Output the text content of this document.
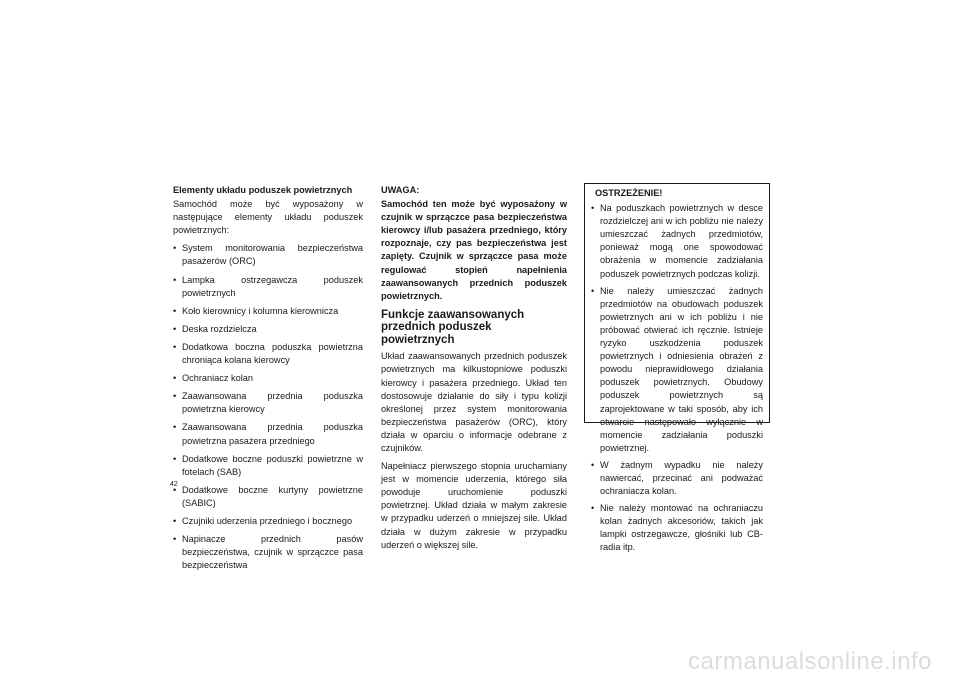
Elementy układu poduszek powietrznych

Samochód może być wyposażony w następujące elementy układu poduszek powietrznych:

• System monitorowania bezpieczeństwa pasażerów (ORC)
• Lampka ostrzegawcza poduszek powietrznych
• Koło kierownicy i kolumna kierownicza
• Deska rozdzielcza
• Dodatkowa boczna poduszka powietrzna chroniąca kolana kierowcy
• Ochraniacz kolan
• Zaawansowana przednia poduszka powietrzna kierowcy
• Zaawansowana przednia poduszka powietrzna pasażera przedniego
• Dodatkowe boczne poduszki powietrzne w fotelach (SAB)
• Dodatkowe boczne kurtyny powietrzne (SABIC)
• Czujniki uderzenia przedniego i bocznego
• Napinacze przednich pasów bezpieczeństwa, czujnik w sprzączce pasa bezpieczeństwa
UWAGA:

Samochód ten może być wyposażony w czujnik w sprzączce pasa bezpieczeństwa kierowcy i/lub pasażera przedniego, który rozpoznaje, czy pas bezpieczeństwa jest zapięty. Czujnik w sprzączce pasa może regulować stopień napełnienia zaawansowanych przednich poduszek powietrznych.

Funkcje zaawansowanych przednich poduszek powietrznych

Układ zaawansowanych przednich poduszek powietrznych ma kilkustopniowe poduszki kierowcy i pasażera przedniego. Układ ten dostosowuje działanie do siły i typu kolizji określonej przez system monitorowania bezpieczeństwa pasażerów (ORC), który działa w oparciu o informacje odebrane z czujników.

Napełniacz pierwszego stopnia uruchamiany jest w momencie uderzenia, którego siła powoduje uruchomienie poduszki powietrznej. Układ działa w małym zakresie w przypadku uderzeń o mniejszej sile. Układ działa w dużym zakresie w przypadku uderzeń o większej sile.

OSTRZEŻENIE!
• Na poduszkach powietrznych w desce rozdzielczej ani w ich pobliżu nie należy umieszczać żadnych przedmiotów, ponieważ mogą one spowodować obrażenia w momencie zadziałania poduszek powietrznych podczas kolizji.
• Nie należy umieszczać żadnych przedmiotów na obudowach poduszek powietrznych ani w ich pobliżu i nie próbować otwierać ich ręcznie. Istnieje ryzyko uszkodzenia poduszek powietrznych i odniesienia obrażeń z powodu nieprawidłowego działania poduszek powietrznych. Obudowy poduszek powietrznych są zaprojektowane w taki sposób, aby ich otwarcie następowało wyłącznie w momencie zadziałania poduszki powietrznej.
• W żadnym wypadku nie należy nawiercać, przecinać ani podważać ochraniacza kolan.
• Nie należy montować na ochraniaczu kolan żadnych akcesoriów, takich jak lampki ostrzegawcze, głośniki lub CB-radia itp.
42
carmanualsonline.info
